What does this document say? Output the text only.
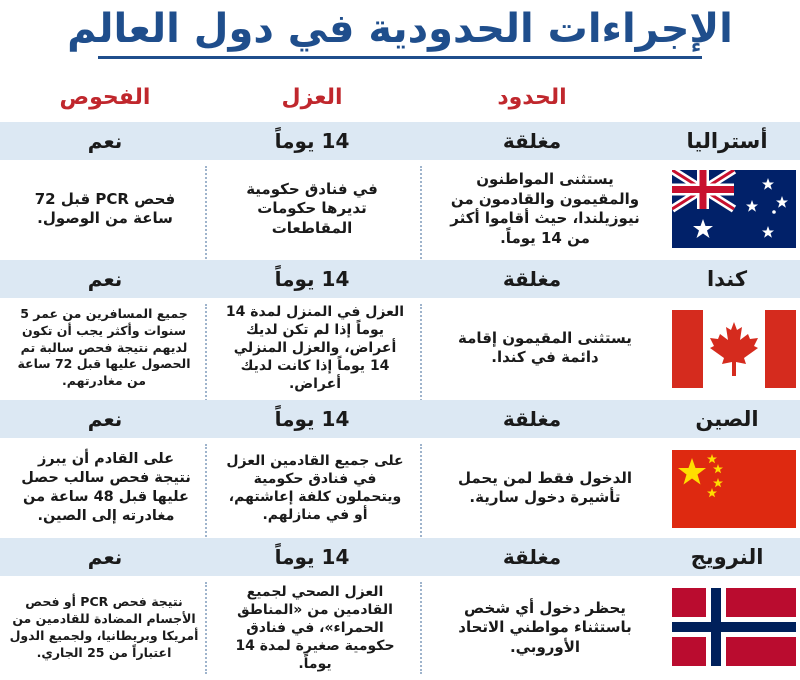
الإجراءات الحدودية في دول العالم
الحدود
العزل
الفحوص
أستراليا
مغلقة
14 يوماً
نعم
يستثنى المواطنون والمقيمون والقادمون من نيوزيلندا، حيث أقاموا أكثر من 14 يوماً.
في فنادق حكومية تديرها حكومات المقاطعات
فحص PCR قبل 72 ساعة من الوصول.
كندا
مغلقة
14 يوماً
نعم
يستثنى المقيمون إقامة دائمة في كندا.
العزل في المنزل لمدة 14 يوماً إذا لم تكن لديك أعراض، والعزل المنزلي 14 يوماً إذا كانت لديك أعراض.
جميع المسافرين من عمر 5 سنوات وأكثر يجب أن تكون لديهم نتيجة فحص سالبة تم الحصول عليها قبل 72 ساعة من مغادرتهم.
الصين
مغلقة
14 يوماً
نعم
الدخول فقط لمن يحمل تأشيرة دخول سارية.
على جميع القادمين العزل في فنادق حكومية ويتحملون كلفة إعاشتهم، أو في منازلهم.
على القادم أن يبرز نتيجة فحص سالب حصل عليها قبل 48 ساعة من مغادرته إلى الصين.
النرويج
مغلقة
14 يوماً
نعم
يحظر دخول أي شخص باستثناء مواطني الاتحاد الأوروبي.
العزل الصحي لجميع القادمين من «المناطق الحمراء»، في فنادق حكومية صغيرة لمدة 14 يوماً.
نتيجة فحص PCR أو فحص الأجسام المضادة للقادمين من أمريكا وبريطانيا، ولجميع الدول اعتباراً من 25 الجاري.
